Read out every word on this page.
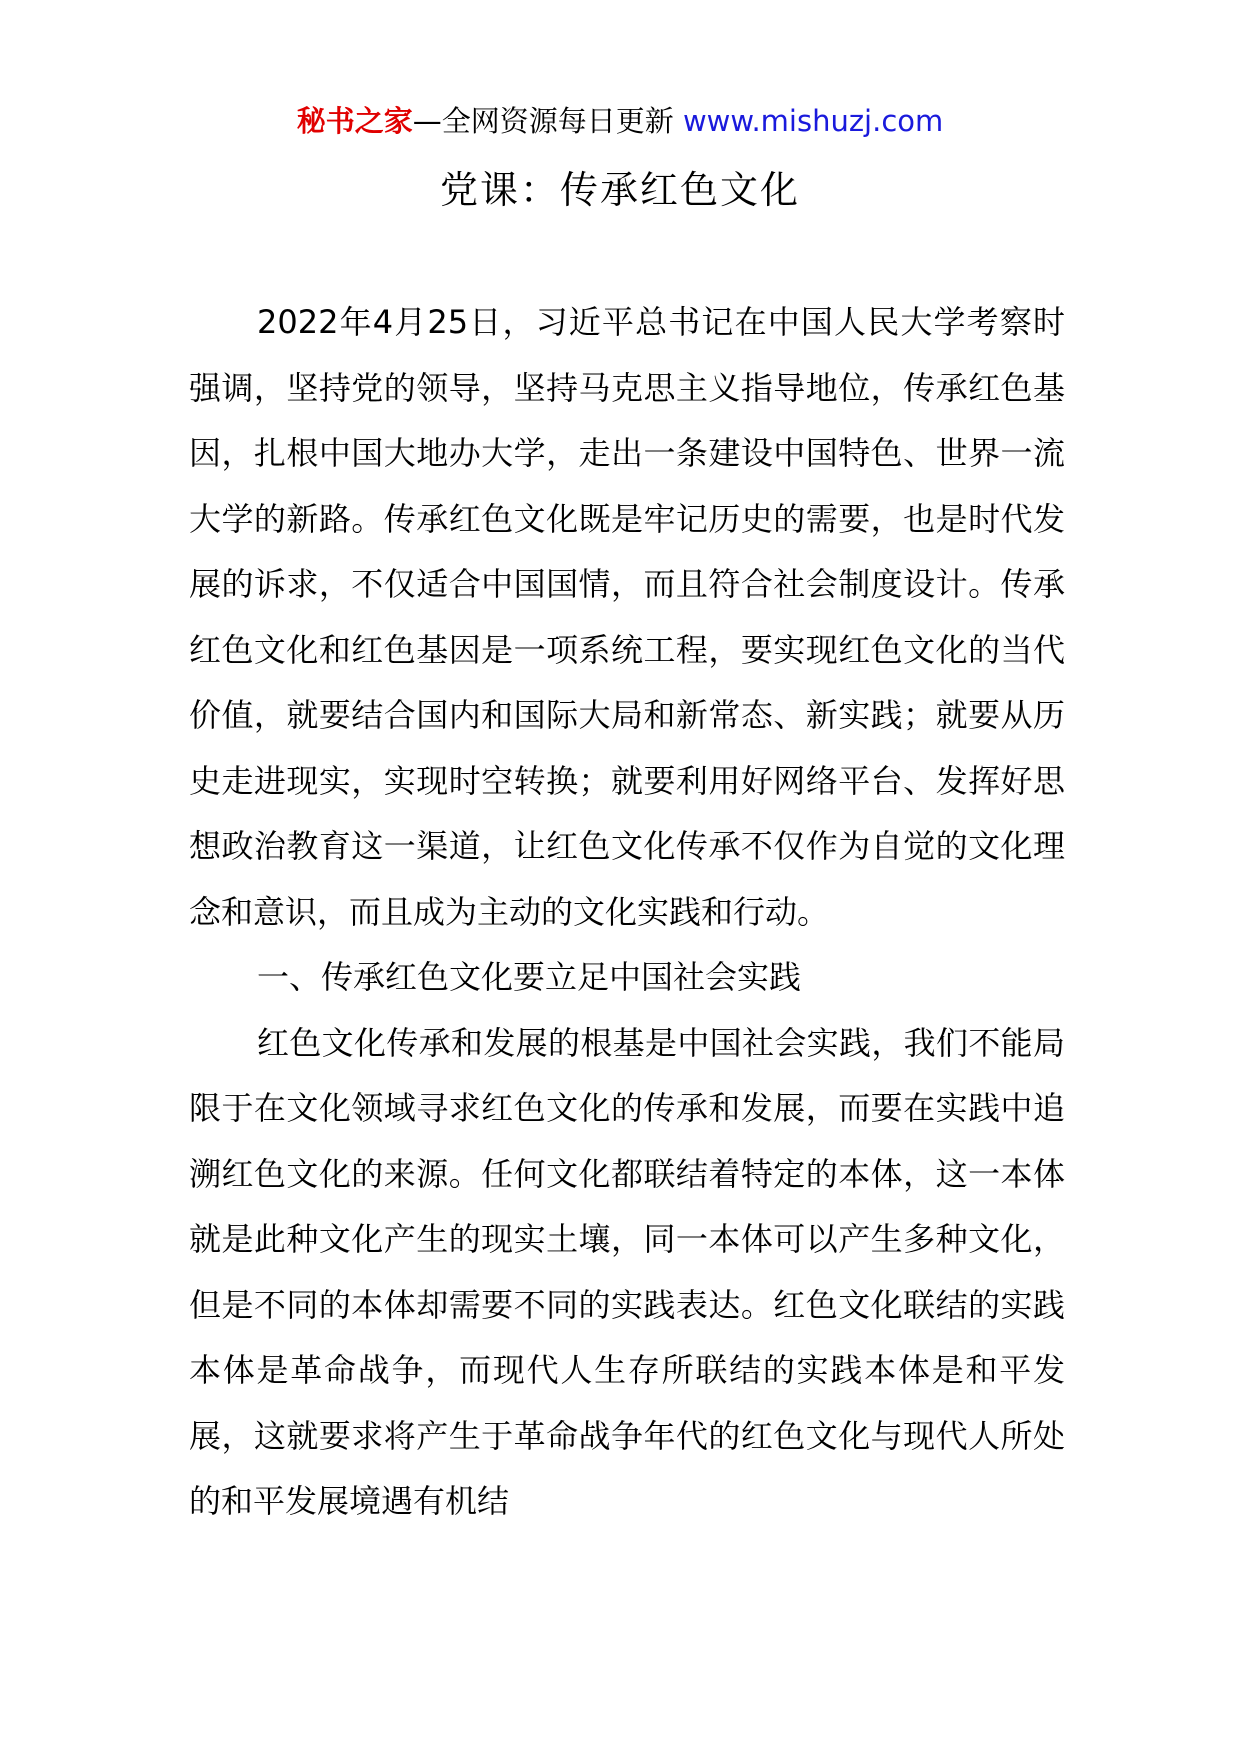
秘书之家—全网资源每日更新 www.mishuzj.com
党课：传承红色文化

2022年4月25日，习近平总书记在中国人民大学考察时强调，坚持党的领导，坚持马克思主义指导地位，传承红色基因，扎根中国大地办大学，走出一条建设中国特色、世界一流大学的新路。传承红色文化既是牢记历史的需要，也是时代发展的诉求，不仅适合中国国情，而且符合社会制度设计。传承红色文化和红色基因是一项系统工程，要实现红色文化的当代价值，就要结合国内和国际大局和新常态、新实践；就要从历史走进现实，实现时空转换；就要利用好网络平台、发挥好思想政治教育这一渠道，让红色文化传承不仅作为自觉的文化理念和意识，而且成为主动的文化实践和行动。

一、传承红色文化要立足中国社会实践

红色文化传承和发展的根基是中国社会实践，我们不能局限于在文化领域寻求红色文化的传承和发展，而要在实践中追溯红色文化的来源。任何文化都联结着特定的本体，这一本体就是此种文化产生的现实土壤，同一本体可以产生多种文化，但是不同的本体却需要不同的实践表达。红色文化联结的实践本体是革命战争，而现代人生存所联结的实践本体是和平发展，这就要求将产生于革命战争年代的红色文化与现代人所处的和平发展境遇有机结
